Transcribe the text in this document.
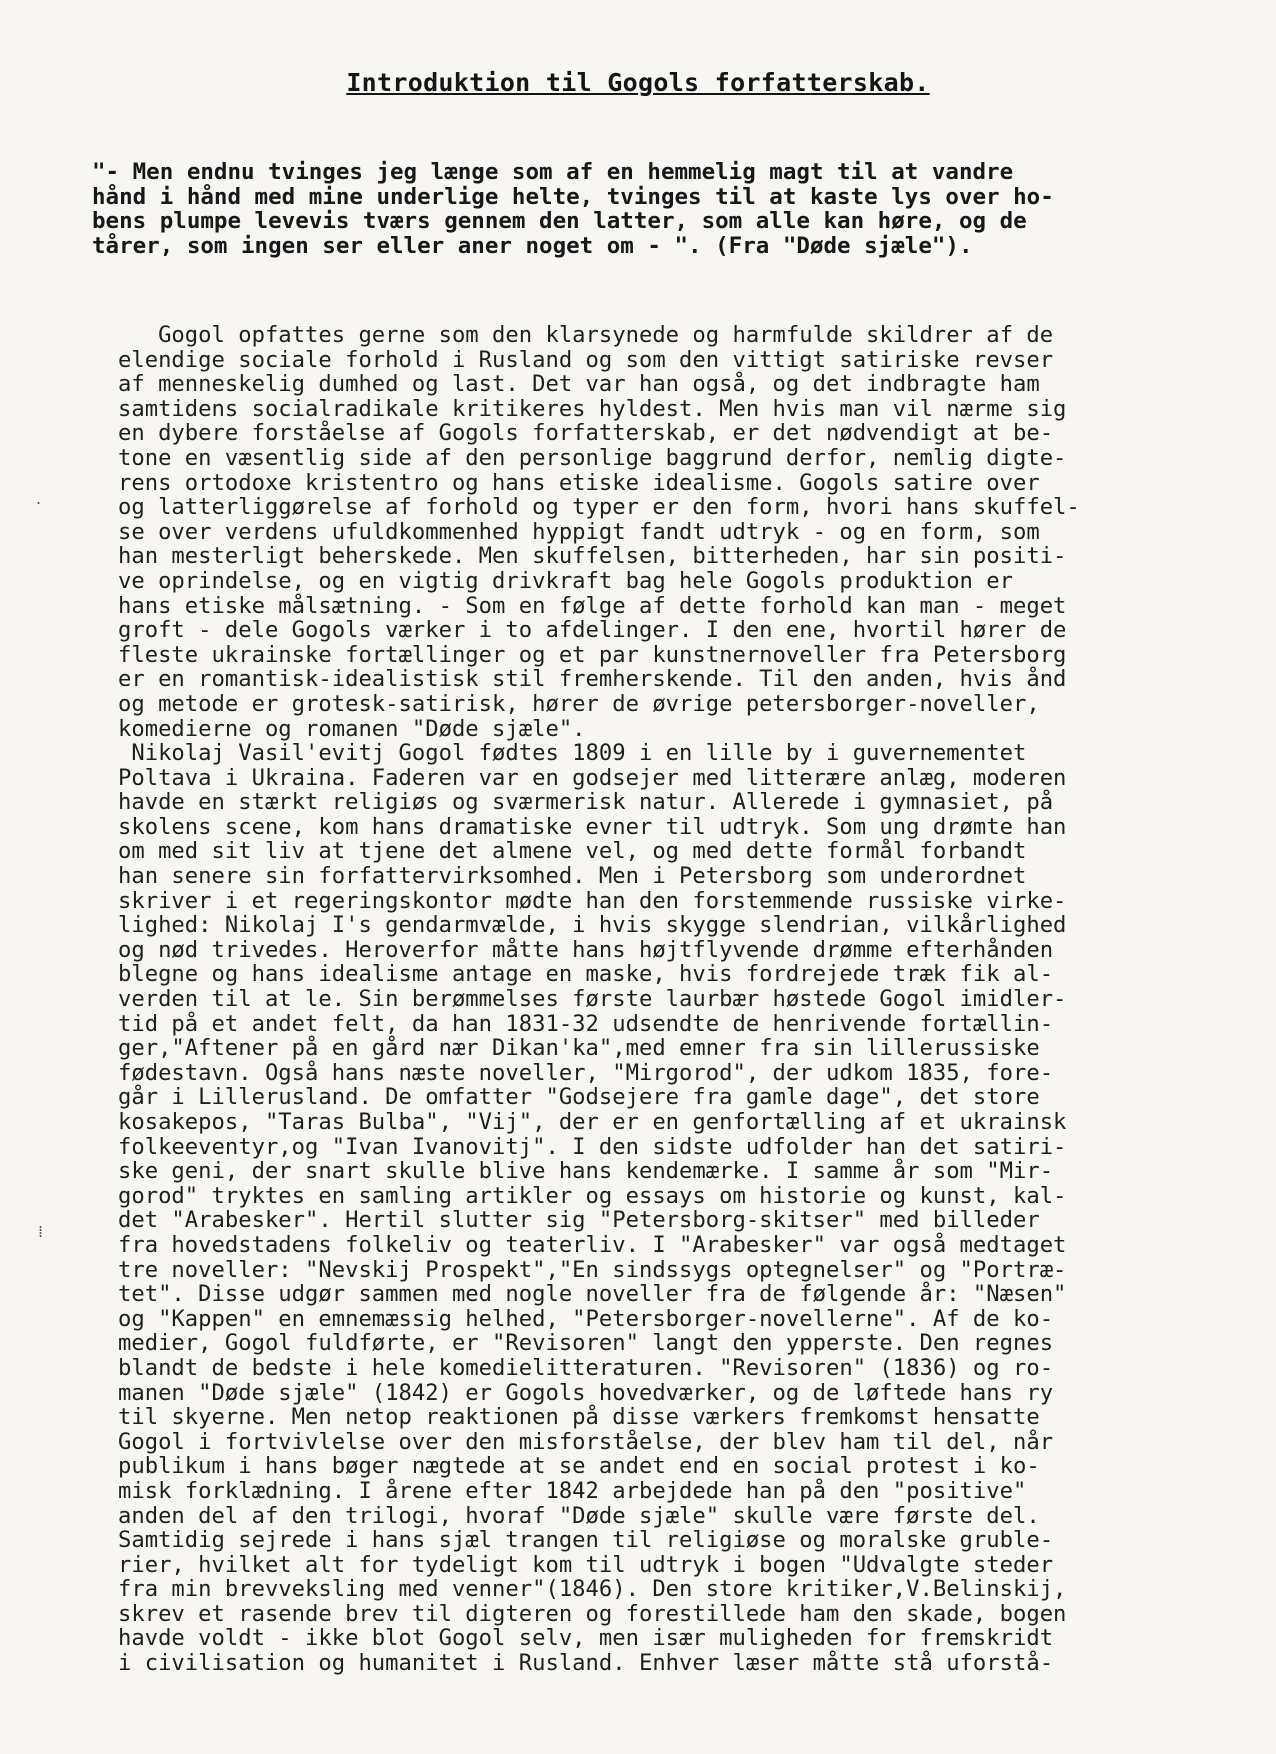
Introduktion til Gogols forfatterskab.
"- Men endnu tvinges jeg længe som af en hemmelig magt til at vandre
hånd i hånd med mine underlige helte, tvinges til at kaste lys over ho-
bens plumpe levevis tværs gennem den latter, som alle kan høre, og de
tårer, som ingen ser eller aner noget om - ". (Fra "Døde sjæle").
Gogol opfattes gerne som den klarsynede og harmfulde skildrer af de
elendige sociale forhold i Rusland og som den vittigt satiriske revser
af menneskelig dumhed og last. Det var han også, og det indbragte ham
samtidens socialradikale kritikeres hyldest. Men hvis man vil nærme sig
en dybere forståelse af Gogols forfatterskab, er det nødvendigt at be-
tone en væsentlig side af den personlige baggrund derfor, nemlig digte-
rens ortodoxe kristentro og hans etiske idealisme. Gogols satire over
og latterliggørelse af forhold og typer er den form, hvori hans skuffel-
se over verdens ufuldkommenhed hyppigt fandt udtryk - og en form, som
han mesterligt beherskede. Men skuffelsen, bitterheden, har sin positi-
ve oprindelse, og en vigtig drivkraft bag hele Gogols produktion er
hans etiske målsætning. - Som en følge af dette forhold kan man - meget
groft - dele Gogols værker i to afdelinger. I den ene, hvortil hører de
fleste ukrainske fortællinger og et par kunstnernoveller fra Petersborg
er en romantisk-idealistisk stil fremherskende. Til den anden, hvis ånd
og metode er grotesk-satirisk, hører de øvrige petersborger-noveller,
komedierne og romanen "Døde sjæle".
Nikolaj Vasil'evitj Gogol fødtes 1809 i en lille by i guvernementet
Poltava i Ukraina. Faderen var en godsejer med litterære anlæg, moderen
havde en stærkt religiøs og sværmerisk natur. Allerede i gymnasiet, på
skolens scene, kom hans dramatiske evner til udtryk. Som ung drømte han
om med sit liv at tjene det almene vel, og med dette formål forbandt
han senere sin forfattervirksomhed. Men i Petersborg som underordnet
skriver i et regeringskontor mødte han den forstemmende russiske virke-
lighed: Nikolaj I's gendarmvælde, i hvis skygge slendrian, vilkårlighed
og nød trivedes. Heroverfor måtte hans højtflyvende drømme efterhånden
blegne og hans idealisme antage en maske, hvis fordrejede træk fik al-
verden til at le. Sin berømmelses første laurbær høstede Gogol imidler-
tid på et andet felt, da han 1831-32 udsendte de henrivende fortællin-
ger,"Aftener på en gård nær Dikan'ka",med emner fra sin lillerussiske
fødestavn. Også hans næste noveller, "Mirgorod", der udkom 1835, fore-
går i Lillerusland. De omfatter "Godsejere fra gamle dage", det store
kosakepos, "Taras Bulba", "Vij", der er en genfortælling af et ukrainsk
folkeeventyr,og "Ivan Ivanovitj". I den sidste udfolder han det satiri-
ske geni, der snart skulle blive hans kendemærke. I samme år som "Mir-
gorod" tryktes en samling artikler og essays om historie og kunst, kal-
det "Arabesker". Hertil slutter sig "Petersborg-skitser" med billeder
fra hovedstadens folkeliv og teaterliv. I "Arabesker" var også medtaget
tre noveller: "Nevskij Prospekt","En sindssygs optegnelser" og "Portræ-
tet". Disse udgør sammen med nogle noveller fra de følgende år: "Næsen"
og "Kappen" en emnemæssig helhed, "Petersborger-novellerne". Af de ko-
medier, Gogol fuldførte, er "Revisoren" langt den ypperste. Den regnes
blandt de bedste i hele komedielitteraturen. "Revisoren" (1836) og ro-
manen "Døde sjæle" (1842) er Gogols hovedværker, og de løftede hans ry
til skyerne. Men netop reaktionen på disse værkers fremkomst hensatte
Gogol i fortvivlelse over den misforståelse, der blev ham til del, når
publikum i hans bøger nægtede at se andet end en social protest i ko-
misk forklædning. I årene efter 1842 arbejdede han på den "positive"
anden del af den trilogi, hvoraf "Døde sjæle" skulle være første del.
Samtidig sejrede i hans sjæl trangen til religiøse og moralske gruble-
rier, hvilket alt for tydeligt kom til udtryk i bogen "Udvalgte steder
fra min brevveksling med venner"(1846). Den store kritiker,V.Belinskij,
skrev et rasende brev til digteren og forestillede ham den skade, bogen
havde voldt - ikke blot Gogol selv, men især muligheden for fremskridt
i civilisation og humanitet i Rusland. Enhver læser måtte stå uforstå-
‧
⁞
